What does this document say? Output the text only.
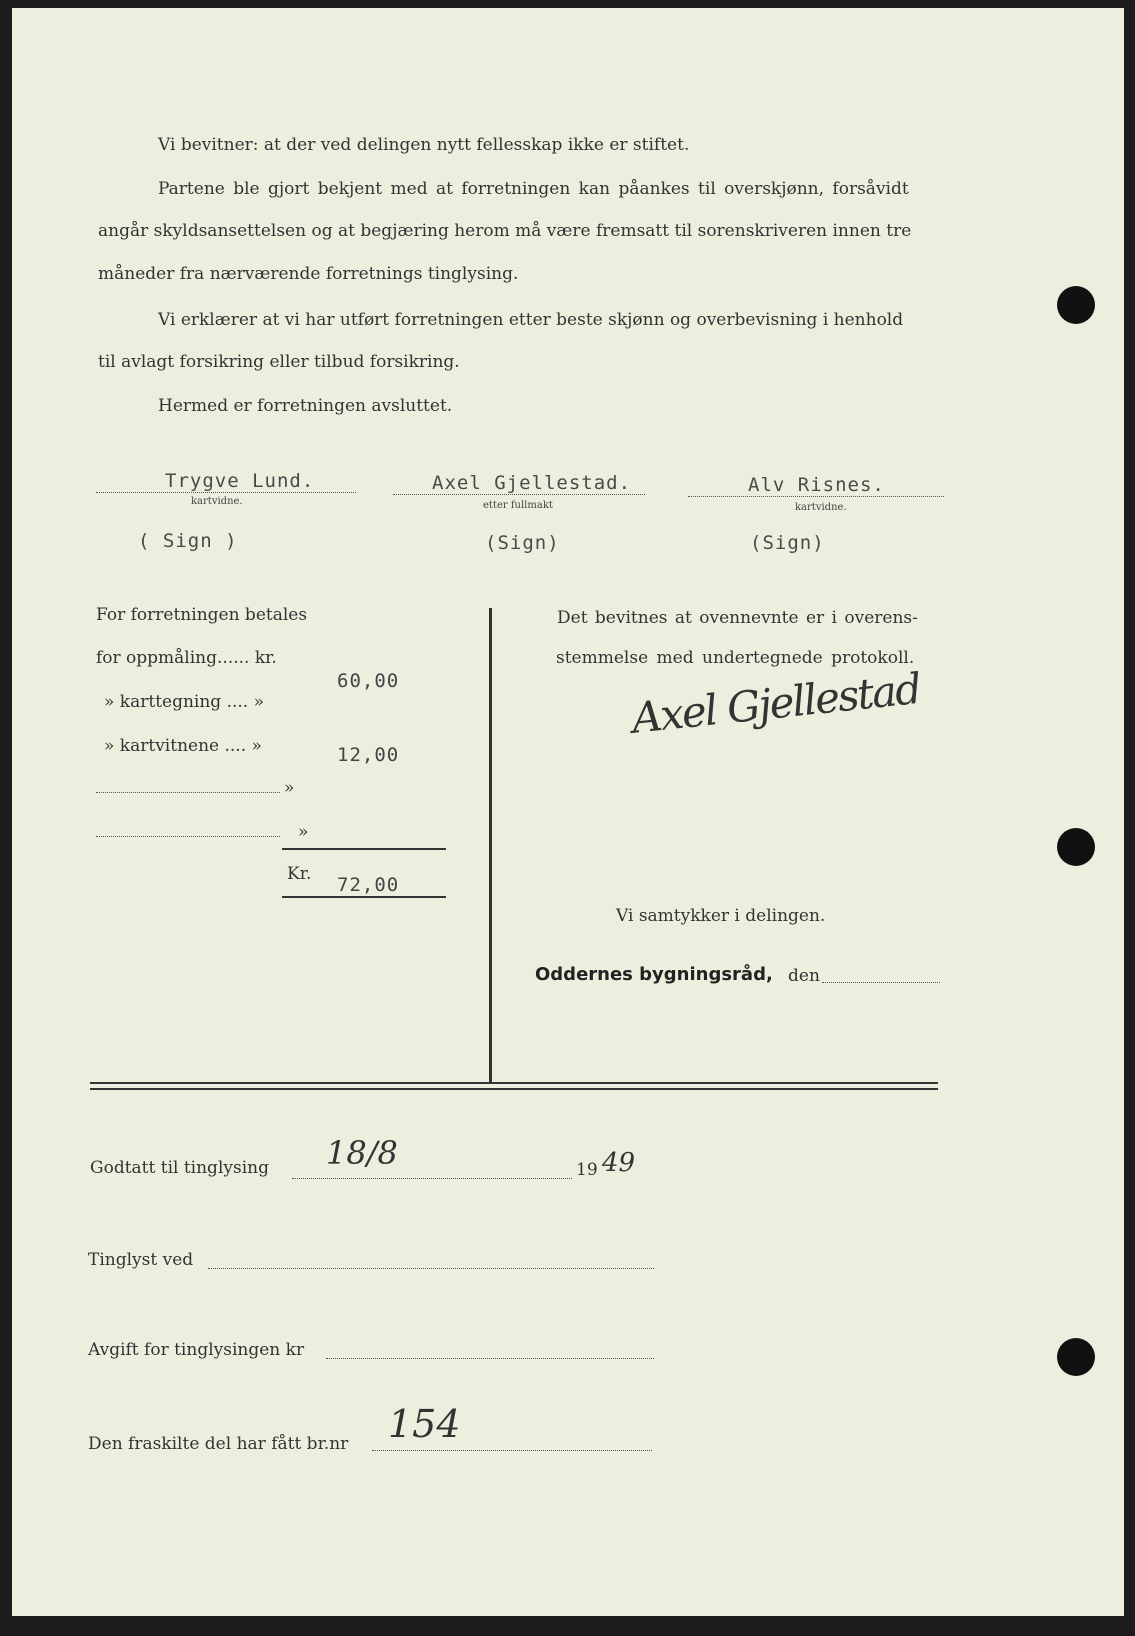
Vi bevitner: at der ved delingen nytt fellesskap ikke er stiftet.
Partene ble gjort bekjent med at forretningen kan påankes til overskjønn, forsåvidt
angår skyldsansettelsen og at begjæring herom må være fremsatt til sorenskriveren innen tre
måneder fra nærværende forretnings tinglysing.
Vi erklærer at vi har utført forretningen etter beste skjønn og overbevisning i henhold
til avlagt forsikring eller tilbud forsikring.
Hermed er forretningen avsluttet.
Trygve Lund.
kartvidne.
( Sign )
Axel Gjellestad.
etter fullmakt
(Sign)
Alv Risnes.
kartvidne.
(Sign)
For forretningen betales
for oppmåling...... kr.
60,00
» karttegning .... »
» kartvitnene .... »	12,00
»
»
Kr. 72,00
Det bevitnes at ovennevnte er i overens-
stemmelse med undertegnede protokoll.
Axel Gjellestad
Vi samtykker i delingen.
Oddernes bygningsråd, den
Godtatt til tinglysing 18/8	19 49
Tinglyst ved
Avgift for tinglysingen kr
Den fraskilte del har fått br.nr 154
